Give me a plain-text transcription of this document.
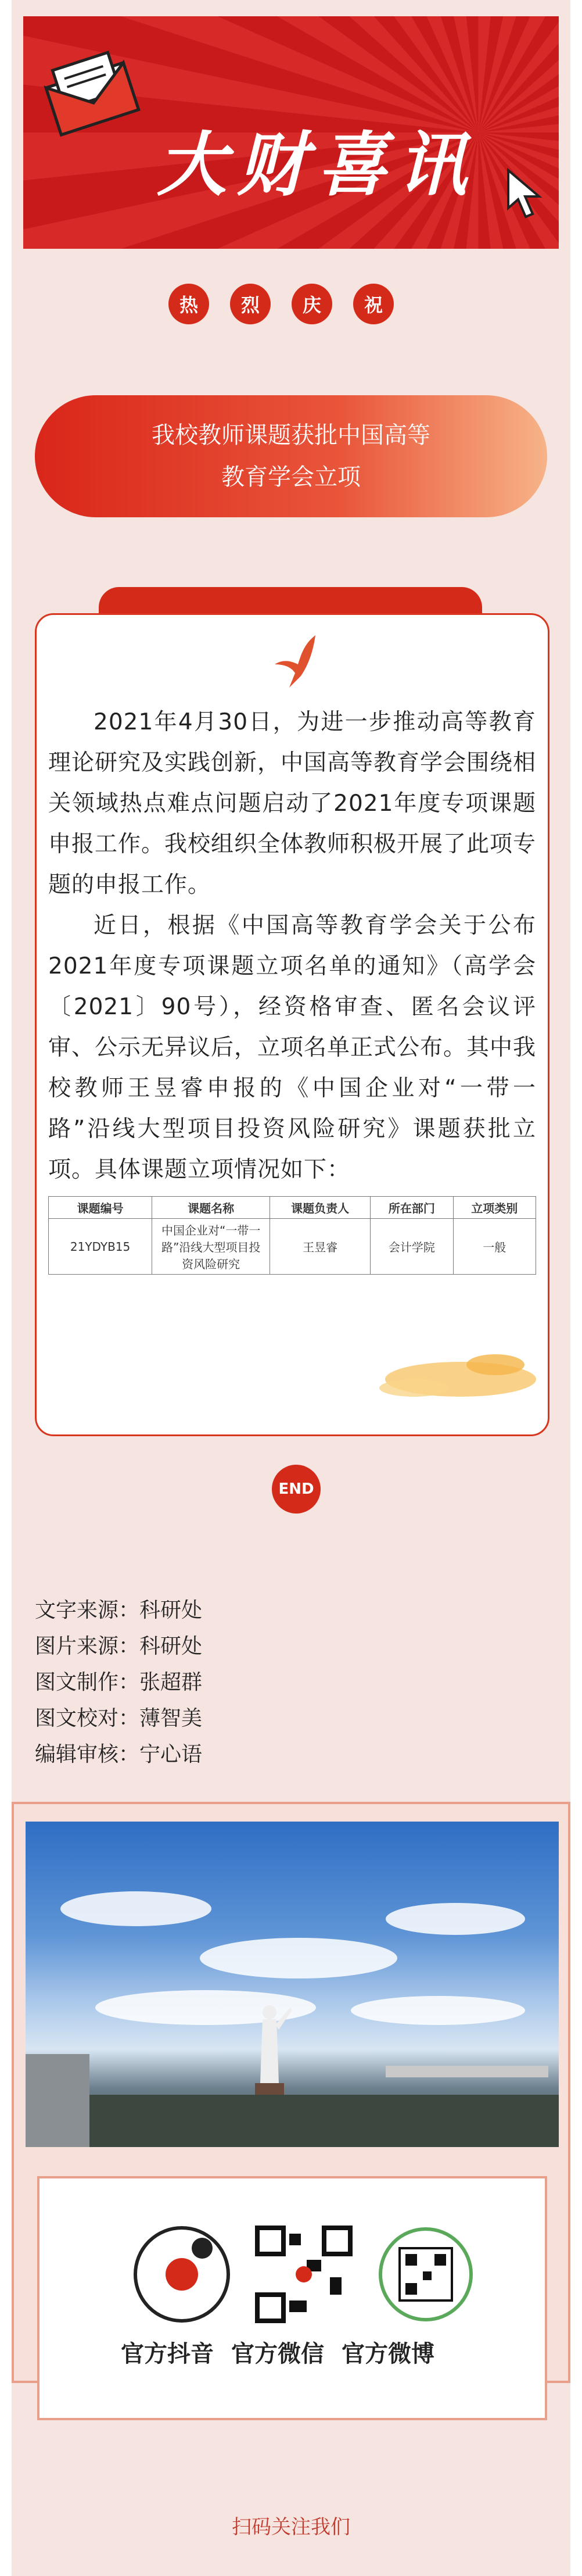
大财喜讯
热	烈	庆	祝
我校教师课题获批中国高等
教育学会立项

2021年4月30日，为进一步推动高等教育理论研究及实践创新，中国高等教育学会围绕相关领域热点难点问题启动了2021年度专项课题申报工作。我校组织全体教师积极开展了此项专题的申报工作。

近日，根据《中国高等教育学会关于公布2021年度专项课题立项名单的通知》（高学会〔2021〕90号），经资格审查、匿名会议评审、公示无异议后，立项名单正式公布。其中我校教师王昱睿申报的《中国企业对“一带一路”沿线大型项目投资风险研究》课题获批立项。具体课题立项情况如下：

课题编号	课题名称	课题负责人	所在部门	立项类别
21YDYB15	中国企业对“一带一路”沿线大型项目投资风险研究	王昱睿	会计学院	一般
END
文字来源：科研处
图片来源：科研处
图文制作：张超群
图文校对：薄智美
编辑审核：宁心语
官方抖音 官方微信 官方微博
扫码关注我们
